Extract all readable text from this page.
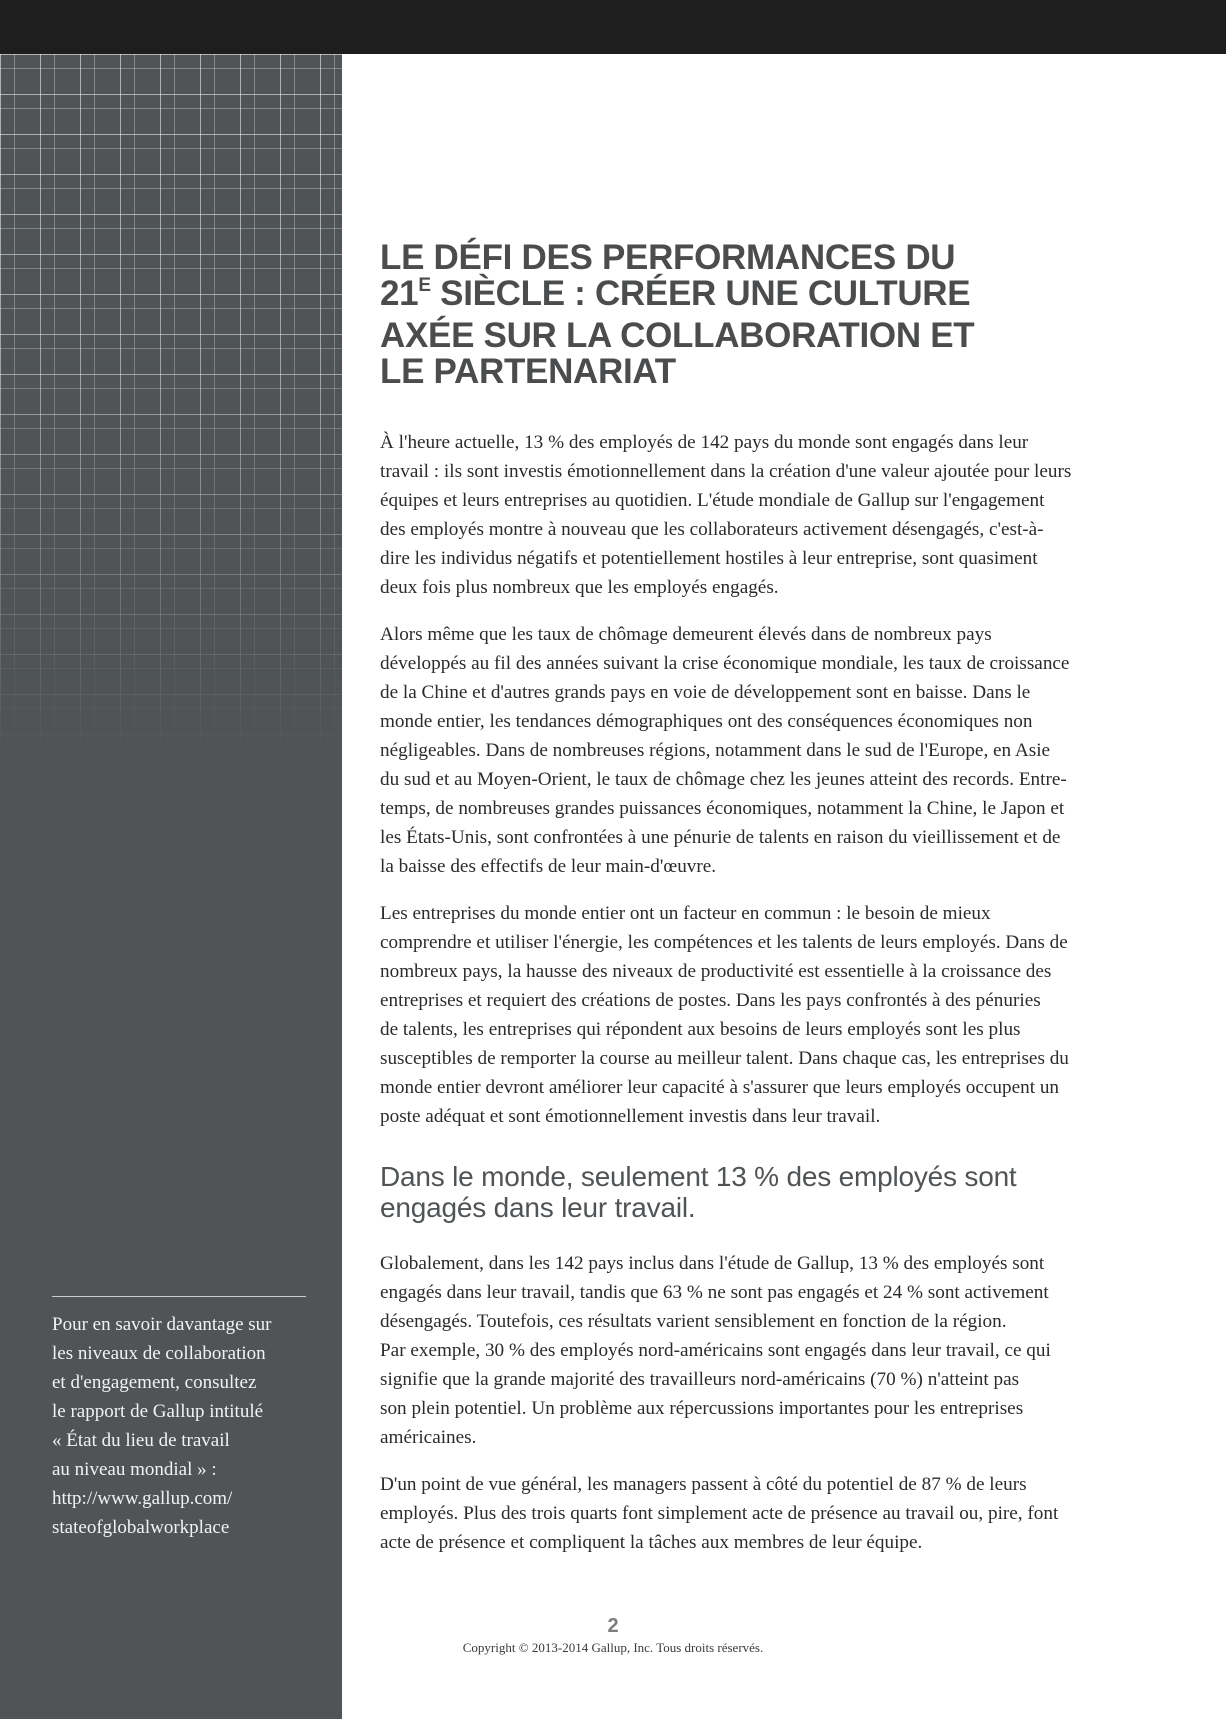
Pour en savoir davantage sur
les niveaux de collaboration
et d'engagement, consultez
le rapport de Gallup intitulé
« État du lieu de travail
au niveau mondial » :
http://www.gallup.com/
stateofglobalworkplace
LE DÉFI DES PERFORMANCES DU
$21^E$ SIÈCLE : CRÉER UNE CULTURE
AXÉE SUR LA COLLABORATION ET
LE PARTENARIAT
À l'heure actuelle, 13 % des employés de 142 pays du monde sont engagés dans leur
travail : ils sont investis émotionnellement dans la création d'une valeur ajoutée pour leurs
équipes et leurs entreprises au quotidien. L'étude mondiale de Gallup sur l'engagement
des employés montre à nouveau que les collaborateurs activement désengagés, c'est-à-
dire les individus négatifs et potentiellement hostiles à leur entreprise, sont quasiment
deux fois plus nombreux que les employés engagés.
Alors même que les taux de chômage demeurent élevés dans de nombreux pays
développés au fil des années suivant la crise économique mondiale, les taux de croissance
de la Chine et d'autres grands pays en voie de développement sont en baisse. Dans le
monde entier, les tendances démographiques ont des conséquences économiques non
négligeables. Dans de nombreuses régions, notamment dans le sud de l'Europe, en Asie
du sud et au Moyen-Orient, le taux de chômage chez les jeunes atteint des records. Entre-
temps, de nombreuses grandes puissances économiques, notamment la Chine, le Japon et
les États-Unis, sont confrontées à une pénurie de talents en raison du vieillissement et de
la baisse des effectifs de leur main-d'œuvre.
Les entreprises du monde entier ont un facteur en commun : le besoin de mieux
comprendre et utiliser l'énergie, les compétences et les talents de leurs employés. Dans de
nombreux pays, la hausse des niveaux de productivité est essentielle à la croissance des
entreprises et requiert des créations de postes. Dans les pays confrontés à des pénuries
de talents, les entreprises qui répondent aux besoins de leurs employés sont les plus
susceptibles de remporter la course au meilleur talent. Dans chaque cas, les entreprises du
monde entier devront améliorer leur capacité à s'assurer que leurs employés occupent un
poste adéquat et sont émotionnellement investis dans leur travail.
Dans le monde, seulement 13 % des employés sont
engagés dans leur travail.
Globalement, dans les 142 pays inclus dans l'étude de Gallup, 13 % des employés sont
engagés dans leur travail, tandis que 63 % ne sont pas engagés et 24 % sont activement
désengagés. Toutefois, ces résultats varient sensiblement en fonction de la région.
Par exemple, 30 % des employés nord-américains sont engagés dans leur travail, ce qui
signifie que la grande majorité des travailleurs nord-américains (70 %) n'atteint pas
son plein potentiel. Un problème aux répercussions importantes pour les entreprises
américaines.
D'un point de vue général, les managers passent à côté du potentiel de 87 % de leurs
employés. Plus des trois quarts font simplement acte de présence au travail ou, pire, font
acte de présence et compliquent la tâches aux membres de leur équipe.
2
Copyright © 2013-2014 Gallup, Inc. Tous droits réservés.
